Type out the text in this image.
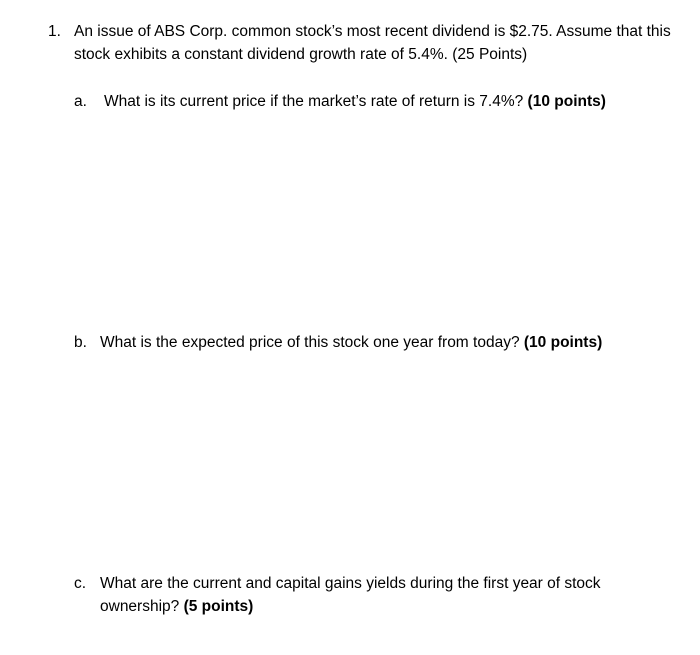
1. An issue of ABS Corp. common stock’s most recent dividend is $2.75. Assume that this stock exhibits a constant dividend growth rate of 5.4%. (25 Points)
a. What is its current price if the market’s rate of return is 7.4%? (10 points)
b. What is the expected price of this stock one year from today? (10 points)
c. What are the current and capital gains yields during the first year of stock ownership? (5 points)
